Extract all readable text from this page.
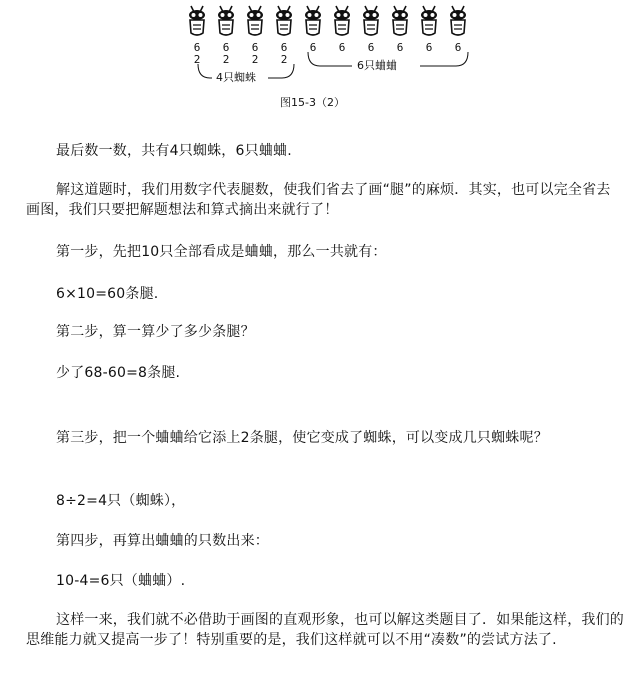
4只蜘蛛
6只蛐蛐
图15-3（2）
6
2
6
2
6
2
6
2
6	6	6	6	6	6

最后数一数，共有4只蜘蛛，6只蛐蛐.

解这道题时，我们用数字代表腿数，使我们省去了画“腿”的麻烦．其实，也可以完全省去画图，我们只要把解题想法和算式摘出来就行了！

第一步，先把10只全部看成是蛐蛐，那么一共就有：

6×10=60条腿.

第二步，算一算少了多少条腿？

少了68-60=8条腿.

第三步，把一个蛐蛐给它添上2条腿，使它变成了蜘蛛，可以变成几只蜘蛛呢？

8÷2=4只（蜘蛛），

第四步，再算出蛐蛐的只数出来：

10-4=6只（蛐蛐）.

这样一来，我们就不必借助于画图的直观形象，也可以解这类题目了．如果能这样，我们的思维能力就又提高一步了！特别重要的是，我们这样就可以不用“凑数”的尝试方法了.
